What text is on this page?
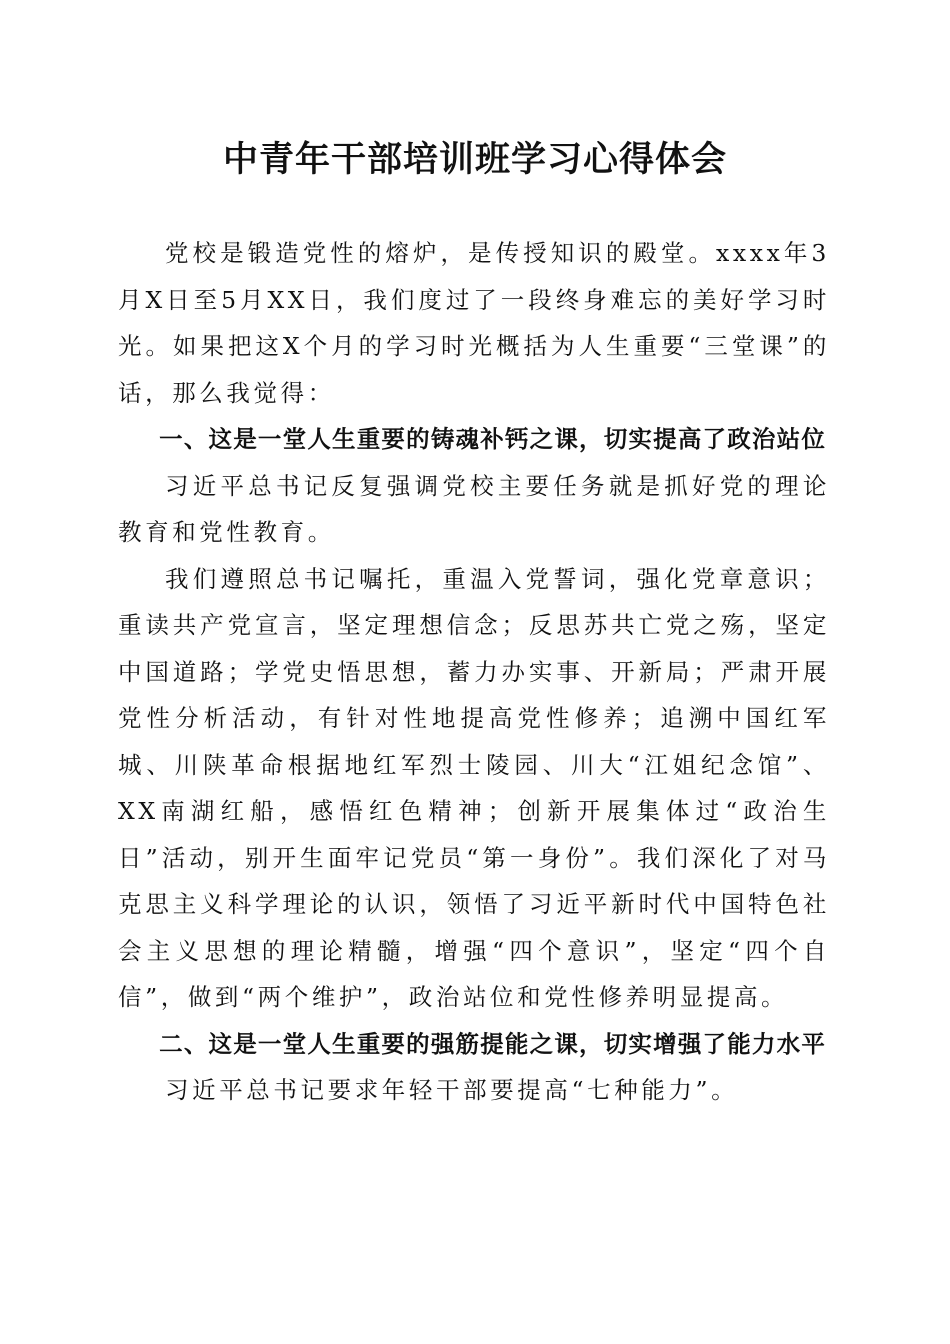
中青年干部培训班学习心得体会

党校是锻造党性的熔炉，是传授知识的殿堂。xxxx年3月X日至5月XX日，我们度过了一段终身难忘的美好学习时光。如果把这X个月的学习时光概括为人生重要“三堂课”的话，那么我觉得：

一、这是一堂人生重要的铸魂补钙之课，切实提高了政治站位

习近平总书记反复强调党校主要任务就是抓好党的理论教育和党性教育。

我们遵照总书记嘱托，重温入党誓词，强化党章意识；重读共产党宣言，坚定理想信念；反思苏共亡党之殇，坚定中国道路；学党史悟思想，蓄力办实事、开新局；严肃开展党性分析活动，有针对性地提高党性修养；追溯中国红军城、川陕革命根据地红军烈士陵园、川大“江姐纪念馆”、XX南湖红船，感悟红色精神；创新开展集体过“政治生日”活动，别开生面牢记党员“第一身份”。我们深化了对马克思主义科学理论的认识，领悟了习近平新时代中国特色社会主义思想的理论精髓，增强“四个意识”，坚定“四个自信”，做到“两个维护”，政治站位和党性修养明显提高。

二、这是一堂人生重要的强筋提能之课，切实增强了能力水平

习近平总书记要求年轻干部要提高“七种能力”。
